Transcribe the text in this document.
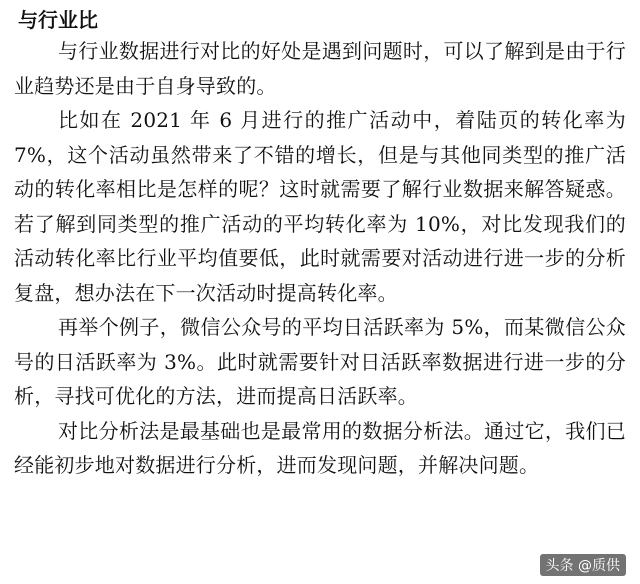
与行业比

与行业数据进行对比的好处是遇到问题时，可以了解到是由于行业趋势还是由于自身导致的。

比如在 2021 年 6 月进行的推广活动中，着陆页的转化率为 7%，这个活动虽然带来了不错的增长，但是与其他同类型的推广活动的转化率相比是怎样的呢？这时就需要了解行业数据来解答疑惑。若了解到同类型的推广活动的平均转化率为 10%，对比发现我们的活动转化率比行业平均值要低，此时就需要对活动进行进一步的分析复盘，想办法在下一次活动时提高转化率。

再举个例子，微信公众号的平均日活跃率为 5%，而某微信公众号的日活跃率为 3%。此时就需要针对日活跃率数据进行进一步的分析，寻找可优化的方法，进而提高日活跃率。

对比分析法是最基础也是最常用的数据分析法。通过它，我们已经能初步地对数据进行分析，进而发现问题，并解决问题。

头条 @质供
